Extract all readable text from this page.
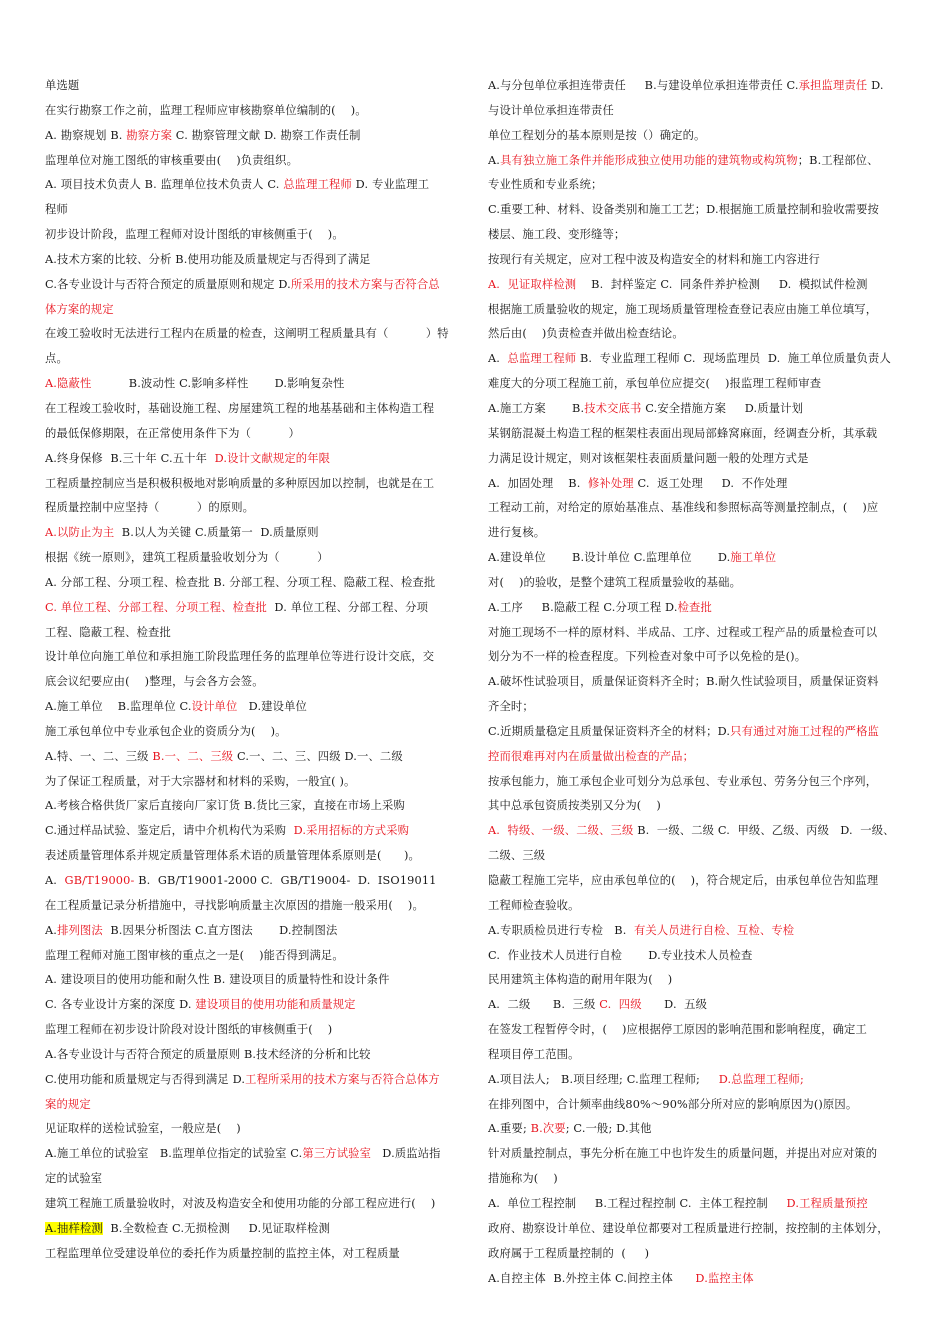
单选题
在实行勘察工作之前，监理工程师应审核勘察单位编制的(    )。
A. 勘察规划 B. 勘察方案 C. 勘察管理文献 D. 勘察工作责任制
监理单位对施工图纸的审核重要由(    )负责组织。
A. 项目技术负责人 B. 监理单位技术负责人 C. 总监理工程师 D. 专业监理工
程师
初步设计阶段，监理工程师对设计图纸的审核侧重于(    )。
A.技术方案的比较、分析 B.使用功能及质量规定与否得到了满足
C.各专业设计与否符合预定的质量原则和规定 D.所采用的技术方案与否符合总
体方案的规定
在竣工验收时无法进行工程内在质量的检查，这阐明工程质量具有（          ）特
点。
A.隐蔽性          B.波动性 C.影响多样性       D.影响复杂性
在工程竣工验收时，基础设施工程、房屋建筑工程的地基基础和主体构造工程
的最低保修期限，在正常使用条件下为（          ）
A.终身保修  B.三十年 C.五十年  D.设计文献规定的年限
工程质量控制应当是积极积极地对影响质量的多种原因加以控制，也就是在工
程质量控制中应坚持（          ）的原则。
A.以防止为主  B.以人为关键 C.质量第一  D.质量原则
根据《统一原则》，建筑工程质量验收划分为（          ）
A. 分部工程、分项工程、检查批 B. 分部工程、分项工程、隐蔽工程、检查批
C. 单位工程、分部工程、分项工程、检查批  D. 单位工程、分部工程、分项
工程、隐蔽工程、检查批
设计单位向施工单位和承担施工阶段监理任务的监理单位等进行设计交底，交
底会议纪要应由(    )整理，与会各方会签。
A.施工单位    B.监理单位 C.设计单位   D.建设单位
施工承包单位中专业承包企业的资质分为(    )。
A.特、一、二、三级 B.一、二、三级 C.一、二、三、四级 D.一、二级
为了保证工程质量，对于大宗器材和材料的采购，一般宜( )。
A.考核合格供货厂家后直接向厂家订货 B.货比三家，直接在市场上采购
C.通过样品试验、鉴定后，请中介机构代为采购  D.采用招标的方式采购
表述质量管理体系并规定质量管理体系术语的质量管理体系原则是(      )。
A.  GB/T19000- B.  GB/T19001-2000 C.  GB/T19004-  D.  ISO19011
在工程质量记录分析措施中，寻找影响质量主次原因的措施一般采用(    )。
A.排列图法  B.因果分析图法 C.直方图法       D.控制图法
监理工程师对施工图审核的重点之一是(    )能否得到满足。
A. 建设项目的使用功能和耐久性 B. 建设项目的质量特性和设计条件
C. 各专业设计方案的深度 D. 建设项目的使用功能和质量规定
监理工程师在初步设计阶段对设计图纸的审核侧重于(    )
A.各专业设计与否符合预定的质量原则 B.技术经济的分析和比较
C.使用功能和质量规定与否得到满足 D.工程所采用的技术方案与否符合总体方
案的规定
见证取样的送检试验室，一般应是(    )
A.施工单位的试验室   B.监理单位指定的试验室 C.第三方试验室   D.质监站指
定的试验室
建筑工程施工质量验收时，对波及构造安全和使用功能的分部工程应进行(    )
A.抽样检测  B.全数检查 C.无损检测     D.见证取样检测
工程监理单位受建设单位的委托作为质量控制的监控主体，对工程质量
A.与分包单位承担连带责任     B.与建设单位承担连带责任 C.承担监理责任 D.
与设计单位承担连带责任
单位工程划分的基本原则是按（）确定的。
A.具有独立施工条件并能形成独立使用功能的建筑物或构筑物；B.工程部位、
专业性质和专业系统；
C.重要工种、材料、设备类别和施工工艺；D.根据施工质量控制和验收需要按
楼层、施工段、变形缝等；
按现行有关规定，应对工程中波及构造安全的材料和施工内容进行
A.  见证取样检测    B.  封样鉴定 C.  同条件养护检测     D.  模拟试件检测
根据施工质量验收的规定，施工现场质量管理检查登记表应由施工单位填写，
然后由(    )负责检查并做出检查结论。
A.  总监理工程师 B.  专业监理工程师 C.  现场监理员  D.  施工单位质量负责人
难度大的分项工程施工前，承包单位应提交(    )报监理工程师审查
A.施工方案       B.技术交底书 C.安全措施方案     D.质量计划
某钢筋混凝土构造工程的框架柱表面出现局部蜂窝麻面，经调查分析，其承载
力满足设计规定，则对该框架柱表面质量问题一般的处理方式是
A.  加固处理    B.  修补处理 C.  返工处理     D.  不作处理
工程动工前，对给定的原始基准点、基准线和参照标高等测量控制点，(    )应
进行复核。
A.建设单位       B.设计单位 C.监理单位       D.施工单位
对(    )的验收，是整个建筑工程质量验收的基础。
A.工序     B.隐蔽工程 C.分项工程 D.检查批
对施工现场不一样的原材料、半成品、工序、过程或工程产品的质量检查可以
划分为不一样的检查程度。下列检查对象中可予以免检的是()。
A.破坏性试验项目，质量保证资料齐全时；B.耐久性试验项目，质量保证资料
齐全时；
C.近期质量稳定且质量保证资料齐全的材料；D.只有通过对施工过程的严格监
控而很难再对内在质量做出检查的产品；
按承包能力，施工承包企业可划分为总承包、专业承包、劳务分包三个序列，
其中总承包资质按类别又分为(    )
A.  特级、一级、二级、三级 B.  一级、二级 C.  甲级、乙级、丙级   D.  一级、
二级、三级
隐蔽工程施工完毕，应由承包单位的(    )，符合规定后，由承包单位告知监理
工程师检查验收。
A.专职质检员进行专检   B.  有关人员进行自检、互检、专检
C.  作业技术人员进行自检       D.专业技术人员检查
民用建筑主体构造的耐用年限为(    )
A.  二级      B.  三级 C.  四级      D.  五级
在签发工程暂停令时，(    )应根据停工原因的影响范围和影响程度，确定工
程项目停工范围。
A.项目法人;   B.项目经理; C.监理工程师;     D.总监理工程师;
在排列图中，合计频率曲线80%～90%部分所对应的影响原因为()原因。
A.重要; B.次要; C.一般; D.其他
针对质量控制点，事先分析在施工中也许发生的质量问题，并提出对应对策的
措施称为(    )
A.  单位工程控制     B.工程过程控制 C.  主体工程控制     D.工程质量预控
政府、勘察设计单位、建设单位都要对工程质量进行控制，按控制的主体划分，
政府属于工程质量控制的  (     )
A.自控主体  B.外控主体 C.间控主体      D.监控主体
